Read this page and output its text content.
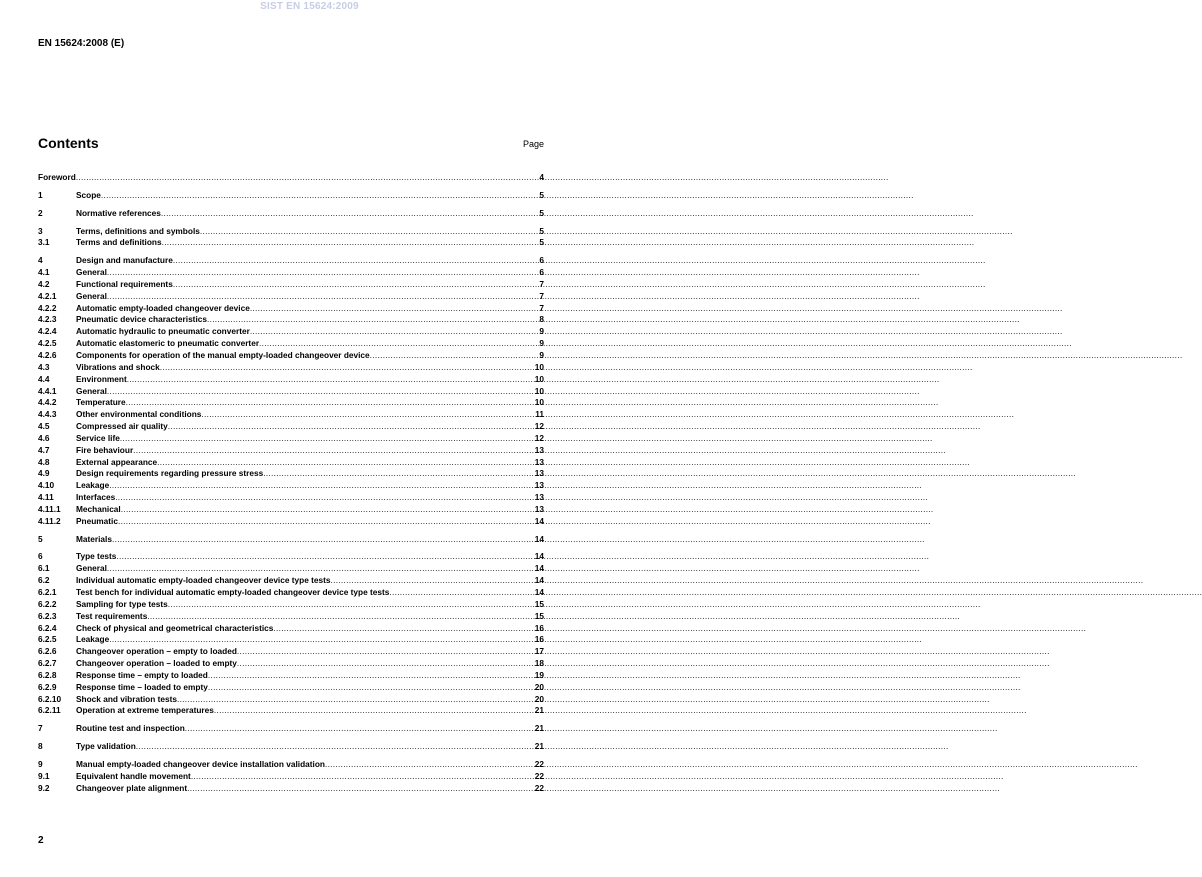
SIST EN 15624:2009
EN 15624:2008 (E)
Contents	Page
Foreword .....	4
1	Scope .....	5
2	Normative references .....	5
3	Terms, definitions and symbols .....	5
3.1	Terms and definitions .....	5
4	Design and manufacture .....	6
4.1	General .....	6
4.2	Functional requirements .....	7
4.2.1	General .....	7
4.2.2	Automatic empty-loaded changeover device .....	7
4.2.3	Pneumatic device characteristics .....	8
4.2.4	Automatic hydraulic to pneumatic converter .....	9
4.2.5	Automatic elastomeric to pneumatic converter .....	9
4.2.6	Components for operation of the manual empty-loaded changeover device .....	9
4.3	Vibrations and shock .....	10
4.4	Environment .....	10
4.4.1	General .....	10
4.4.2	Temperature .....	10
4.4.3	Other environmental conditions .....	11
4.5	Compressed air quality .....	12
4.6	Service life .....	12
4.7	Fire behaviour .....	13
4.8	External appearance .....	13
4.9	Design requirements regarding pressure stress .....	13
4.10	Leakage .....	13
4.11	Interfaces .....	13
4.11.1	Mechanical .....	13
4.11.2	Pneumatic .....	14
5	Materials .....	14
6	Type tests .....	14
6.1	General .....	14
6.2	Individual automatic empty-loaded changeover device type tests .....	14
6.2.1	Test bench for individual automatic empty-loaded changeover device type tests .....	14
6.2.2	Sampling for type tests .....	15
6.2.3	Test requirements .....	15
6.2.4	Check of physical and geometrical characteristics .....	16
6.2.5	Leakage .....	16
6.2.6	Changeover operation – empty to loaded .....	17
6.2.7	Changeover operation – loaded to empty .....	18
6.2.8	Response time – empty to loaded .....	19
6.2.9	Response time – loaded to empty .....	20
6.2.10	Shock and vibration tests .....	20
6.2.11	Operation at extreme temperatures .....	21
7	Routine test and inspection .....	21
8	Type validation .....	21
9	Manual empty-loaded changeover device installation validation .....	22
9.1	Equivalent handle movement .....	22
9.2	Changeover plate alignment .....	22
2
